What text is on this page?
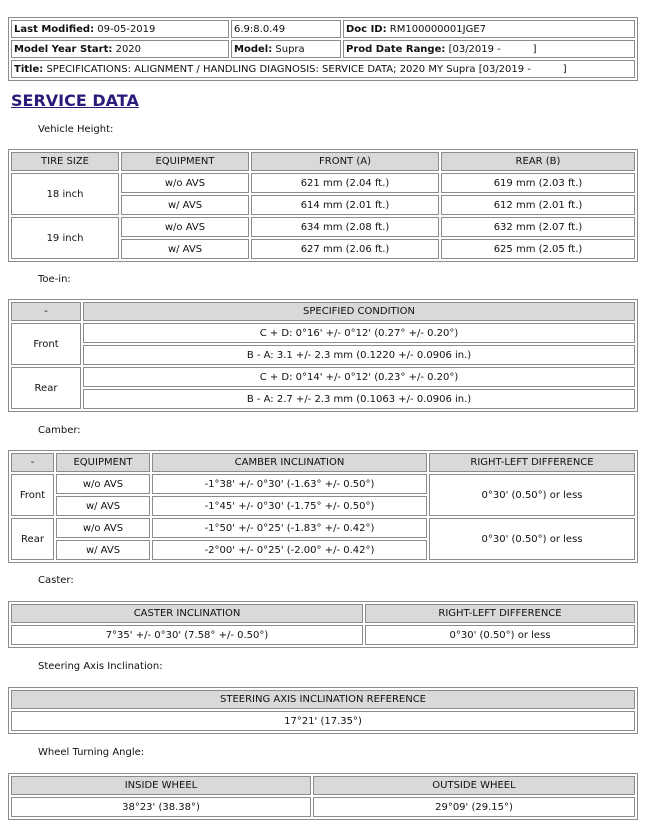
Last Modified: 09-05-2019	6.9:8.0.49	Doc ID: RM100000001JGE7
Model Year Start: 2020	Model: Supra	Prod Date Range: [03/2019 -          ]
Title: SPECIFICATIONS: ALIGNMENT / HANDLING DIAGNOSIS: SERVICE DATA; 2020 MY Supra [03/2019 -          ]		
SERVICE DATA
Vehicle Height:
TIRE SIZE	EQUIPMENT	FRONT (A)	REAR (B)
18 inch	w/o AVS	621 mm (2.04 ft.)	619 mm (2.03 ft.)
	w/ AVS	614 mm (2.01 ft.)	612 mm (2.01 ft.)
19 inch	w/o AVS	634 mm (2.08 ft.)	632 mm (2.07 ft.)
	w/ AVS	627 mm (2.06 ft.)	625 mm (2.05 ft.)
Toe-in:
-	SPECIFIED CONDITION
Front	C + D: 0°16' +/- 0°12' (0.27° +/- 0.20°)
	B - A: 3.1 +/- 2.3 mm (0.1220 +/- 0.0906 in.)
Rear	C + D: 0°14' +/- 0°12' (0.23° +/- 0.20°)
	B - A: 2.7 +/- 2.3 mm (0.1063 +/- 0.0906 in.)
Camber:
-	EQUIPMENT	CAMBER INCLINATION	RIGHT-LEFT DIFFERENCE
Front	w/o AVS	-1°38' +/- 0°30' (-1.63° +/- 0.50°)	0°30' (0.50°) or less
	w/ AVS	-1°45' +/- 0°30' (-1.75° +/- 0.50°)	
Rear	w/o AVS	-1°50' +/- 0°25' (-1.83° +/- 0.42°)	0°30' (0.50°) or less
	w/ AVS	-2°00' +/- 0°25' (-2.00° +/- 0.42°)	
Caster:
CASTER INCLINATION	RIGHT-LEFT DIFFERENCE
7°35' +/- 0°30' (7.58° +/- 0.50°)	0°30' (0.50°) or less
Steering Axis Inclination:
STEERING AXIS INCLINATION REFERENCE
17°21' (17.35°)
Wheel Turning Angle:
INSIDE WHEEL	OUTSIDE WHEEL
38°23' (38.38°)	29°09' (29.15°)
